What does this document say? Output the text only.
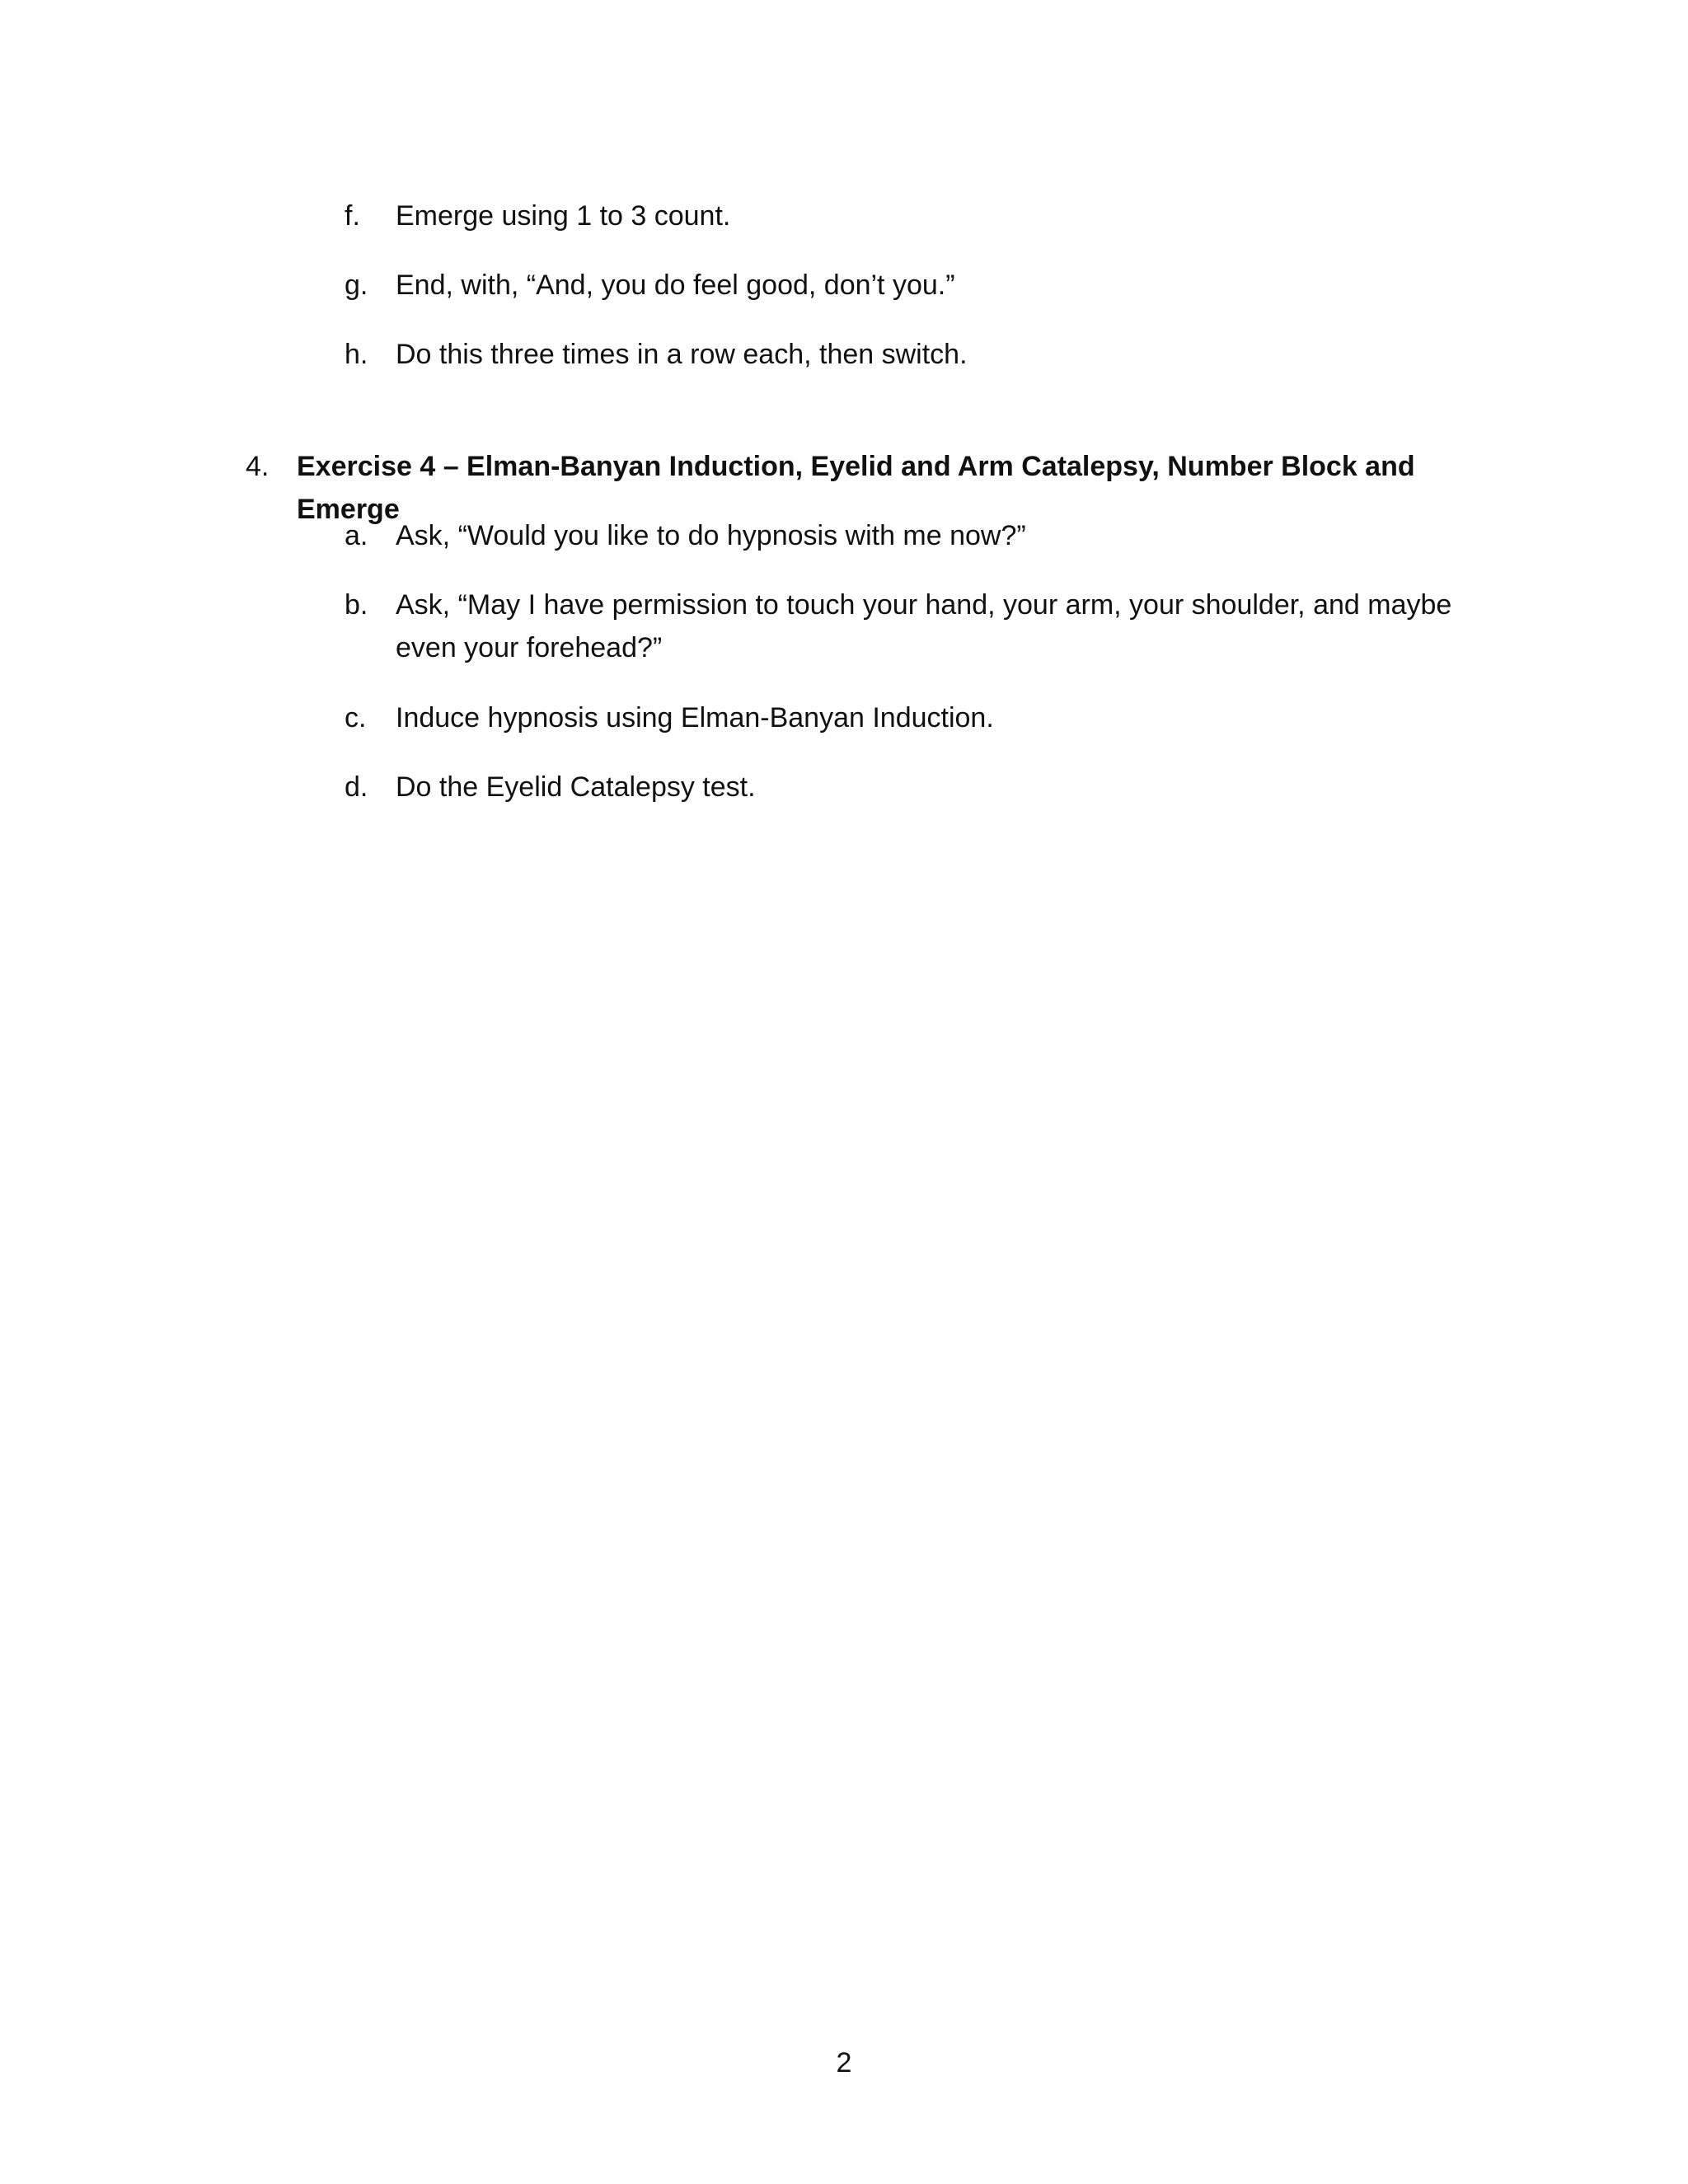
f.	Emerge using 1 to 3 count.
g. End, with, “And, you do feel good, don’t you.”
h. Do this three times in a row each, then switch.
4. Exercise 4 – Elman-Banyan Induction, Eyelid and Arm Catalepsy, Number Block and Emerge
a. Ask, “Would you like to do hypnosis with me now?”
b. Ask, “May I have permission to touch your hand, your arm, your shoulder, and maybe even your forehead?”
c.	Induce hypnosis using Elman-Banyan Induction.
d. Do the Eyelid Catalepsy test.
2
